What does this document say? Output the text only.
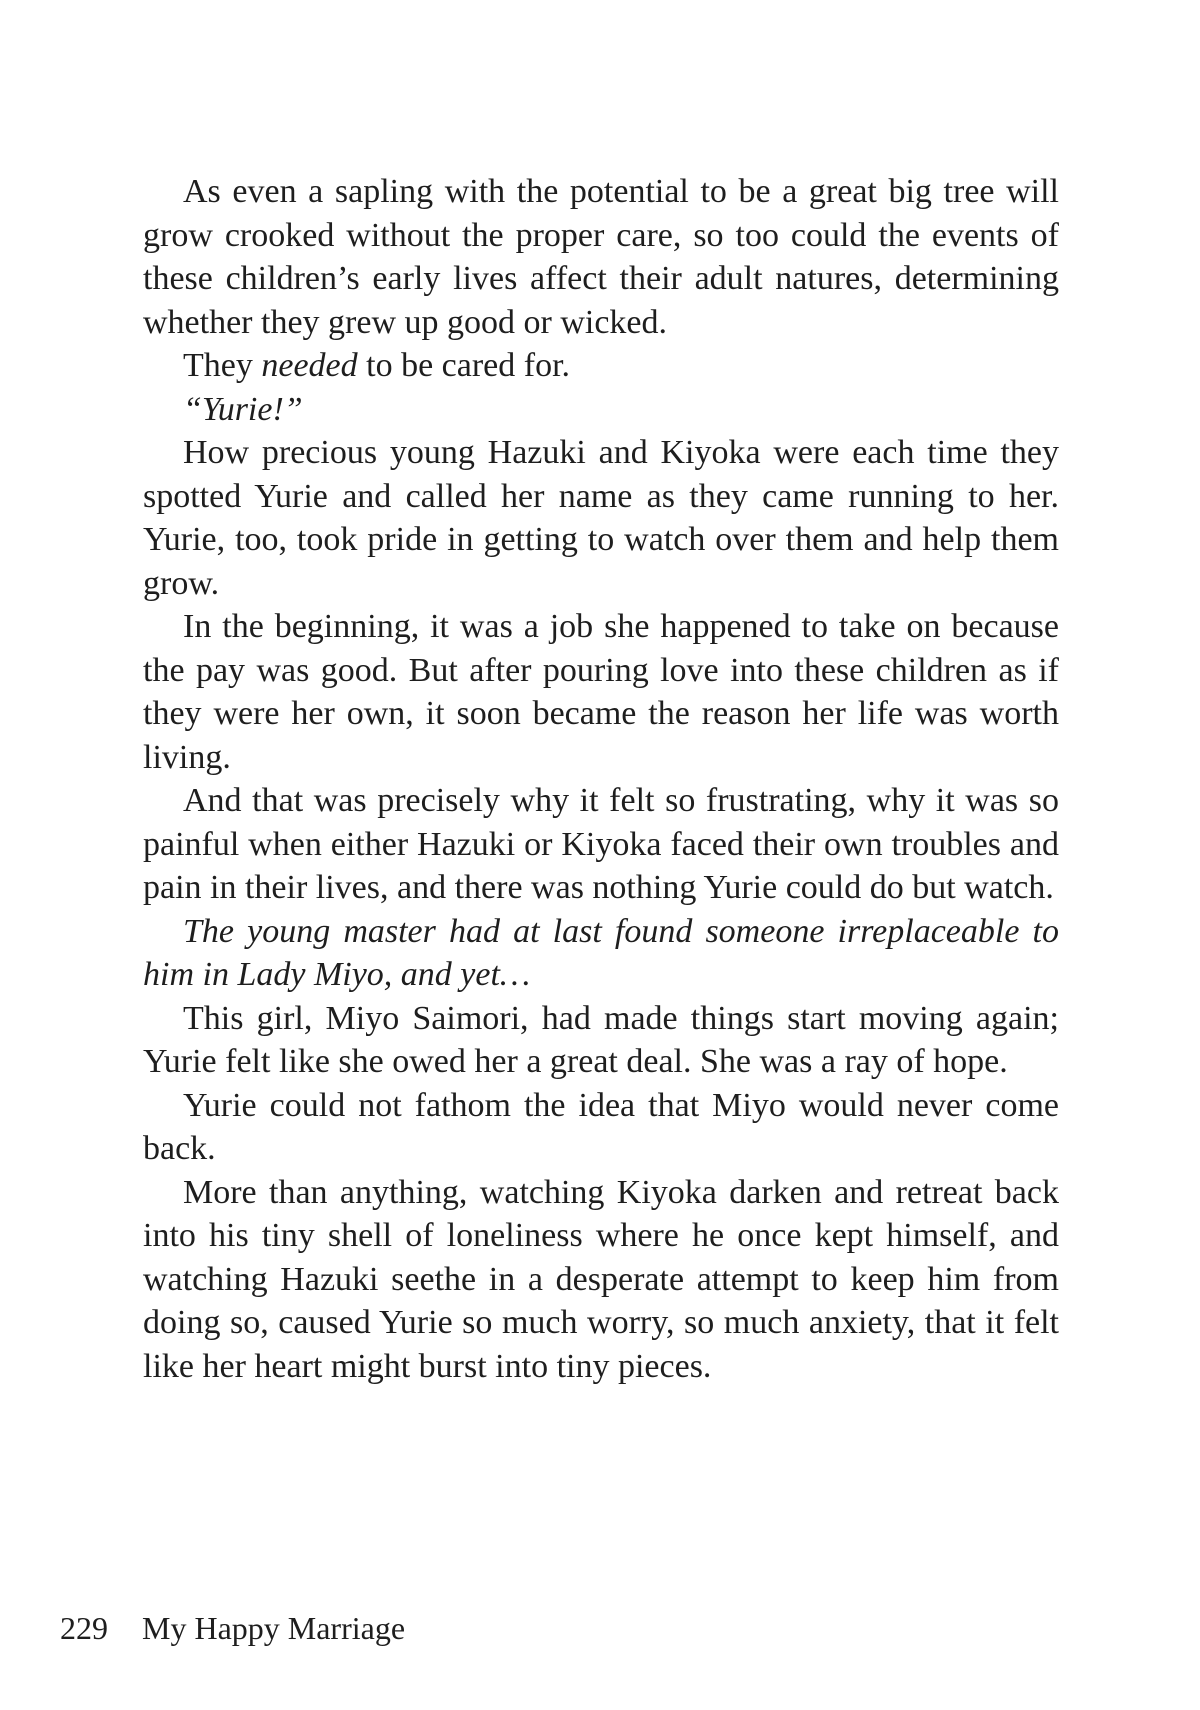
As even a sapling with the potential to be a great big tree will grow crooked without the proper care, so too could the events of these children’s early lives affect their adult natures, determining whether they grew up good or wicked.

They needed to be cared for.

“Yurie!”

How precious young Hazuki and Kiyoka were each time they spotted Yurie and called her name as they came running to her. Yurie, too, took pride in getting to watch over them and help them grow.

In the beginning, it was a job she happened to take on because the pay was good. But after pouring love into these children as if they were her own, it soon became the reason her life was worth living.

And that was precisely why it felt so frustrating, why it was so painful when either Hazuki or Kiyoka faced their own troubles and pain in their lives, and there was nothing Yurie could do but watch.

The young master had at last found someone irreplaceable to him in Lady Miyo, and yet…

This girl, Miyo Saimori, had made things start moving again; Yurie felt like she owed her a great deal. She was a ray of hope.

Yurie could not fathom the idea that Miyo would never come back.

More than anything, watching Kiyoka darken and retreat back into his tiny shell of loneliness where he once kept himself, and watching Hazuki seethe in a desperate attempt to keep him from doing so, caused Yurie so much worry, so much anxiety, that it felt like her heart might burst into tiny pieces.

229 My Happy Marriage
